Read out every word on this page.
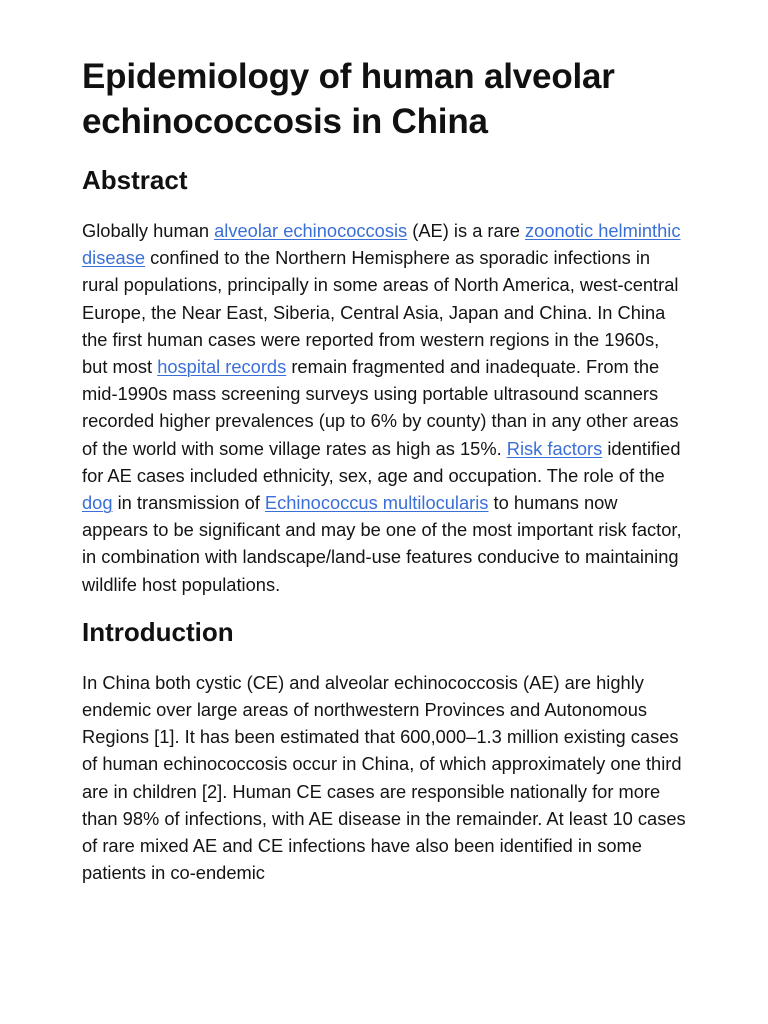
Epidemiology of human alveolar echinococcosis in China
Abstract

Globally human alveolar echinococcosis (AE) is a rare zoonotic helminthic disease confined to the Northern Hemisphere as sporadic infections in rural populations, principally in some areas of North America, west-central Europe, the Near East, Siberia, Central Asia, Japan and China. In China the first human cases were reported from western regions in the 1960s, but most hospital records remain fragmented and inadequate. From the mid-1990s mass screening surveys using portable ultrasound scanners recorded higher prevalences (up to 6% by county) than in any other areas of the world with some village rates as high as 15%. Risk factors identified for AE cases included ethnicity, sex, age and occupation. The role of the dog in transmission of Echinococcus multilocularis to humans now appears to be significant and may be one of the most important risk factor, in combination with landscape/land-use features conducive to maintaining wildlife host populations.

Introduction

In China both cystic (CE) and alveolar echinococcosis (AE) are highly endemic over large areas of northwestern Provinces and Autonomous Regions [1]. It has been estimated that 600,000–1.3 million existing cases of human echinococcosis occur in China, of which approximately one third are in children [2]. Human CE cases are responsible nationally for more than 98% of infections, with AE disease in the remainder. At least 10 cases of rare mixed AE and CE infections have also been identified in some patients in co-endemic
